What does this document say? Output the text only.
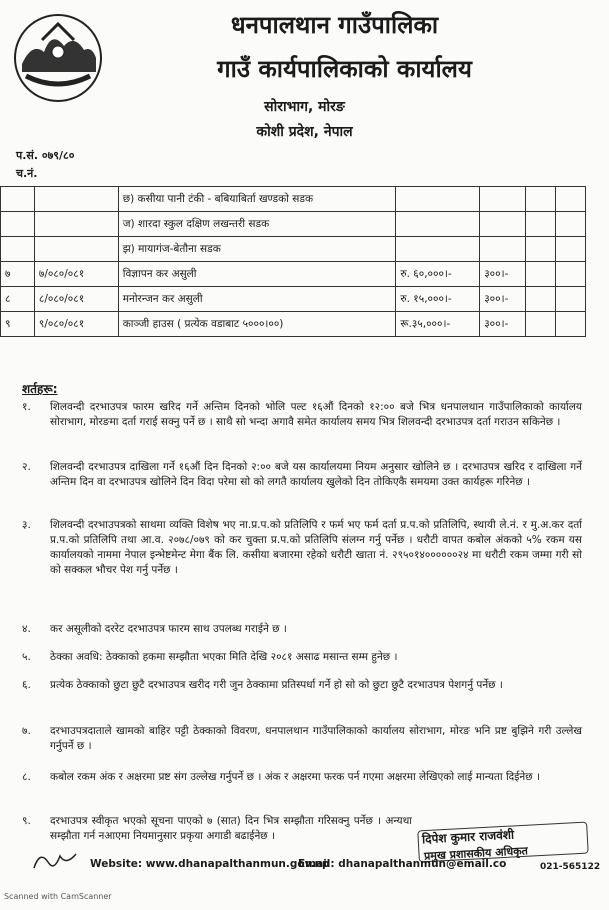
धनपालथान गाउँपालिका
गाउँ कार्यपालिकाको कार्यालय
सोराभाग, मोरङ
कोशी प्रदेश, नेपाल
प.सं. ०७९/८०
च.नं.
		छ) कसीया पानी टंकी - बबियाबिर्ता खण्डको सडक				
		ज) शारदा स्कुल दक्षिण लखन्तरी सडक				
		झ) मायागंज-बेतौना सडक				
७	७/०८०/०८१	विज्ञापन कर असुली	रु. ६०,०००।-	३००।-		
८	८/०८०/०८१	मनोरन्जन कर असुली	रु. १५,०००।-	३००।-		
९	९/०८०/०८१	काञ्जी हाउस ( प्रत्येक वडाबाट ५०००।००)	रू.३५,०००।-	३००।-		
शर्तहरू:
१.	शिलवन्दी दरभाउपत्र फारम खरिद गर्ने अन्तिम दिनको भोलि पल्ट १६औं दिनको १२:०० बजे भित्र धनपालथान गाउँपालिकाको कार्यालय सोराभाग, मोरङमा दर्ता गराई सक्नु पर्ने छ । साथै सो भन्दा अगावै समेत कार्यालय समय भित्र शिलवन्दी दरभाउपत्र दर्ता गराउन सकिनेछ ।
२.	शिलवन्दी दरभाउपत्र दाखिला गर्ने १६औं दिन दिनको २:०० बजे यस कार्यालयमा नियम अनुसार खोलिने छ । दरभाउपत्र खरिद र दाखिला गर्ने अन्तिम दिन वा दरभाउपत्र खोलिने दिन विदा परेमा सो को लगतै कार्यालय खुलेको दिन तोकिएकै समयमा उक्त कार्यहरू गरिनेछ ।
३.	शिलवन्दी दरभाउपत्रको साथमा व्यक्ति विशेष भए ना.प्र.प.को प्रतिलिपि र फर्म भए फर्म दर्ता प्र.प.को प्रतिलिपि, स्थायी ले.नं. र मु.अ.कर दर्ता प्र.प.को प्रतिलिपि तथा आ.व. २०७८/०७९ को कर चुक्ता प्र.प.को प्रतिलिपि संलग्न गर्नु पर्नेछ । धरौटी वापत कबोल अंकको ५% रकम यस कार्यालयको नाममा नेपाल इन्भेष्टमेन्ट मेगा बैंक लि. कसीया बजारमा रहेको धरौटी खाता नं. २९५०१४००००००२४ मा धरौटी रकम जम्मा गरी सो को सक्कल भौचर पेश गर्नु पर्नेछ ।
४.	कर असूलीको दररेट दरभाउपत्र फारम साथ उपलब्ध गराईने छ ।
५.	ठेक्का अवधि: ठेक्काको हकमा सम्झौता भएका मिति देखि २०८१ असाढ मसान्त सम्म हुनेछ ।
६.	प्रत्येक ठेक्काको छुटा छुटै दरभाउपत्र खरीद गरी जुन ठेक्कामा प्रतिस्पर्धा गर्ने हो सो को छुटा छुटै दरभाउपत्र पेशगर्नु पर्नेछ ।
७.	दरभाउपत्रदाताले खामको बाहिर पट्टी ठेक्काको विवरण, धनपालथान गाउँपालिकाको कार्यालय सोराभाग, मोरङ भनि प्रष्ट बुझिने गरी उल्लेख गर्नुपर्ने छ ।
८.	कबोल रकम अंक र अक्षरमा प्रष्ट संग उल्लेख गर्नुपर्ने छ । अंक र अक्षरमा फरक पर्न गएमा अक्षरमा लेखिएको लाई मान्यता दिईनेछ ।
९.	दरभाउपत्र स्वीकृत भएको सूचना पाएको ७ (सात) दिन भित्र सम्झौता गरिसक्नु पर्नेछ । अन्यथा सम्झौता गर्न नआएमा नियमानुसार प्रकृया अगाडी बढाईनेछ ।	दिपेश कुमार राजवंशी
प्रमुख प्रशासकीय अधिकृत
Website: www.dhanapalthanmun.gov.np
Email: dhanapalthanmun@email.co	021-565122
Scanned with CamScanner
